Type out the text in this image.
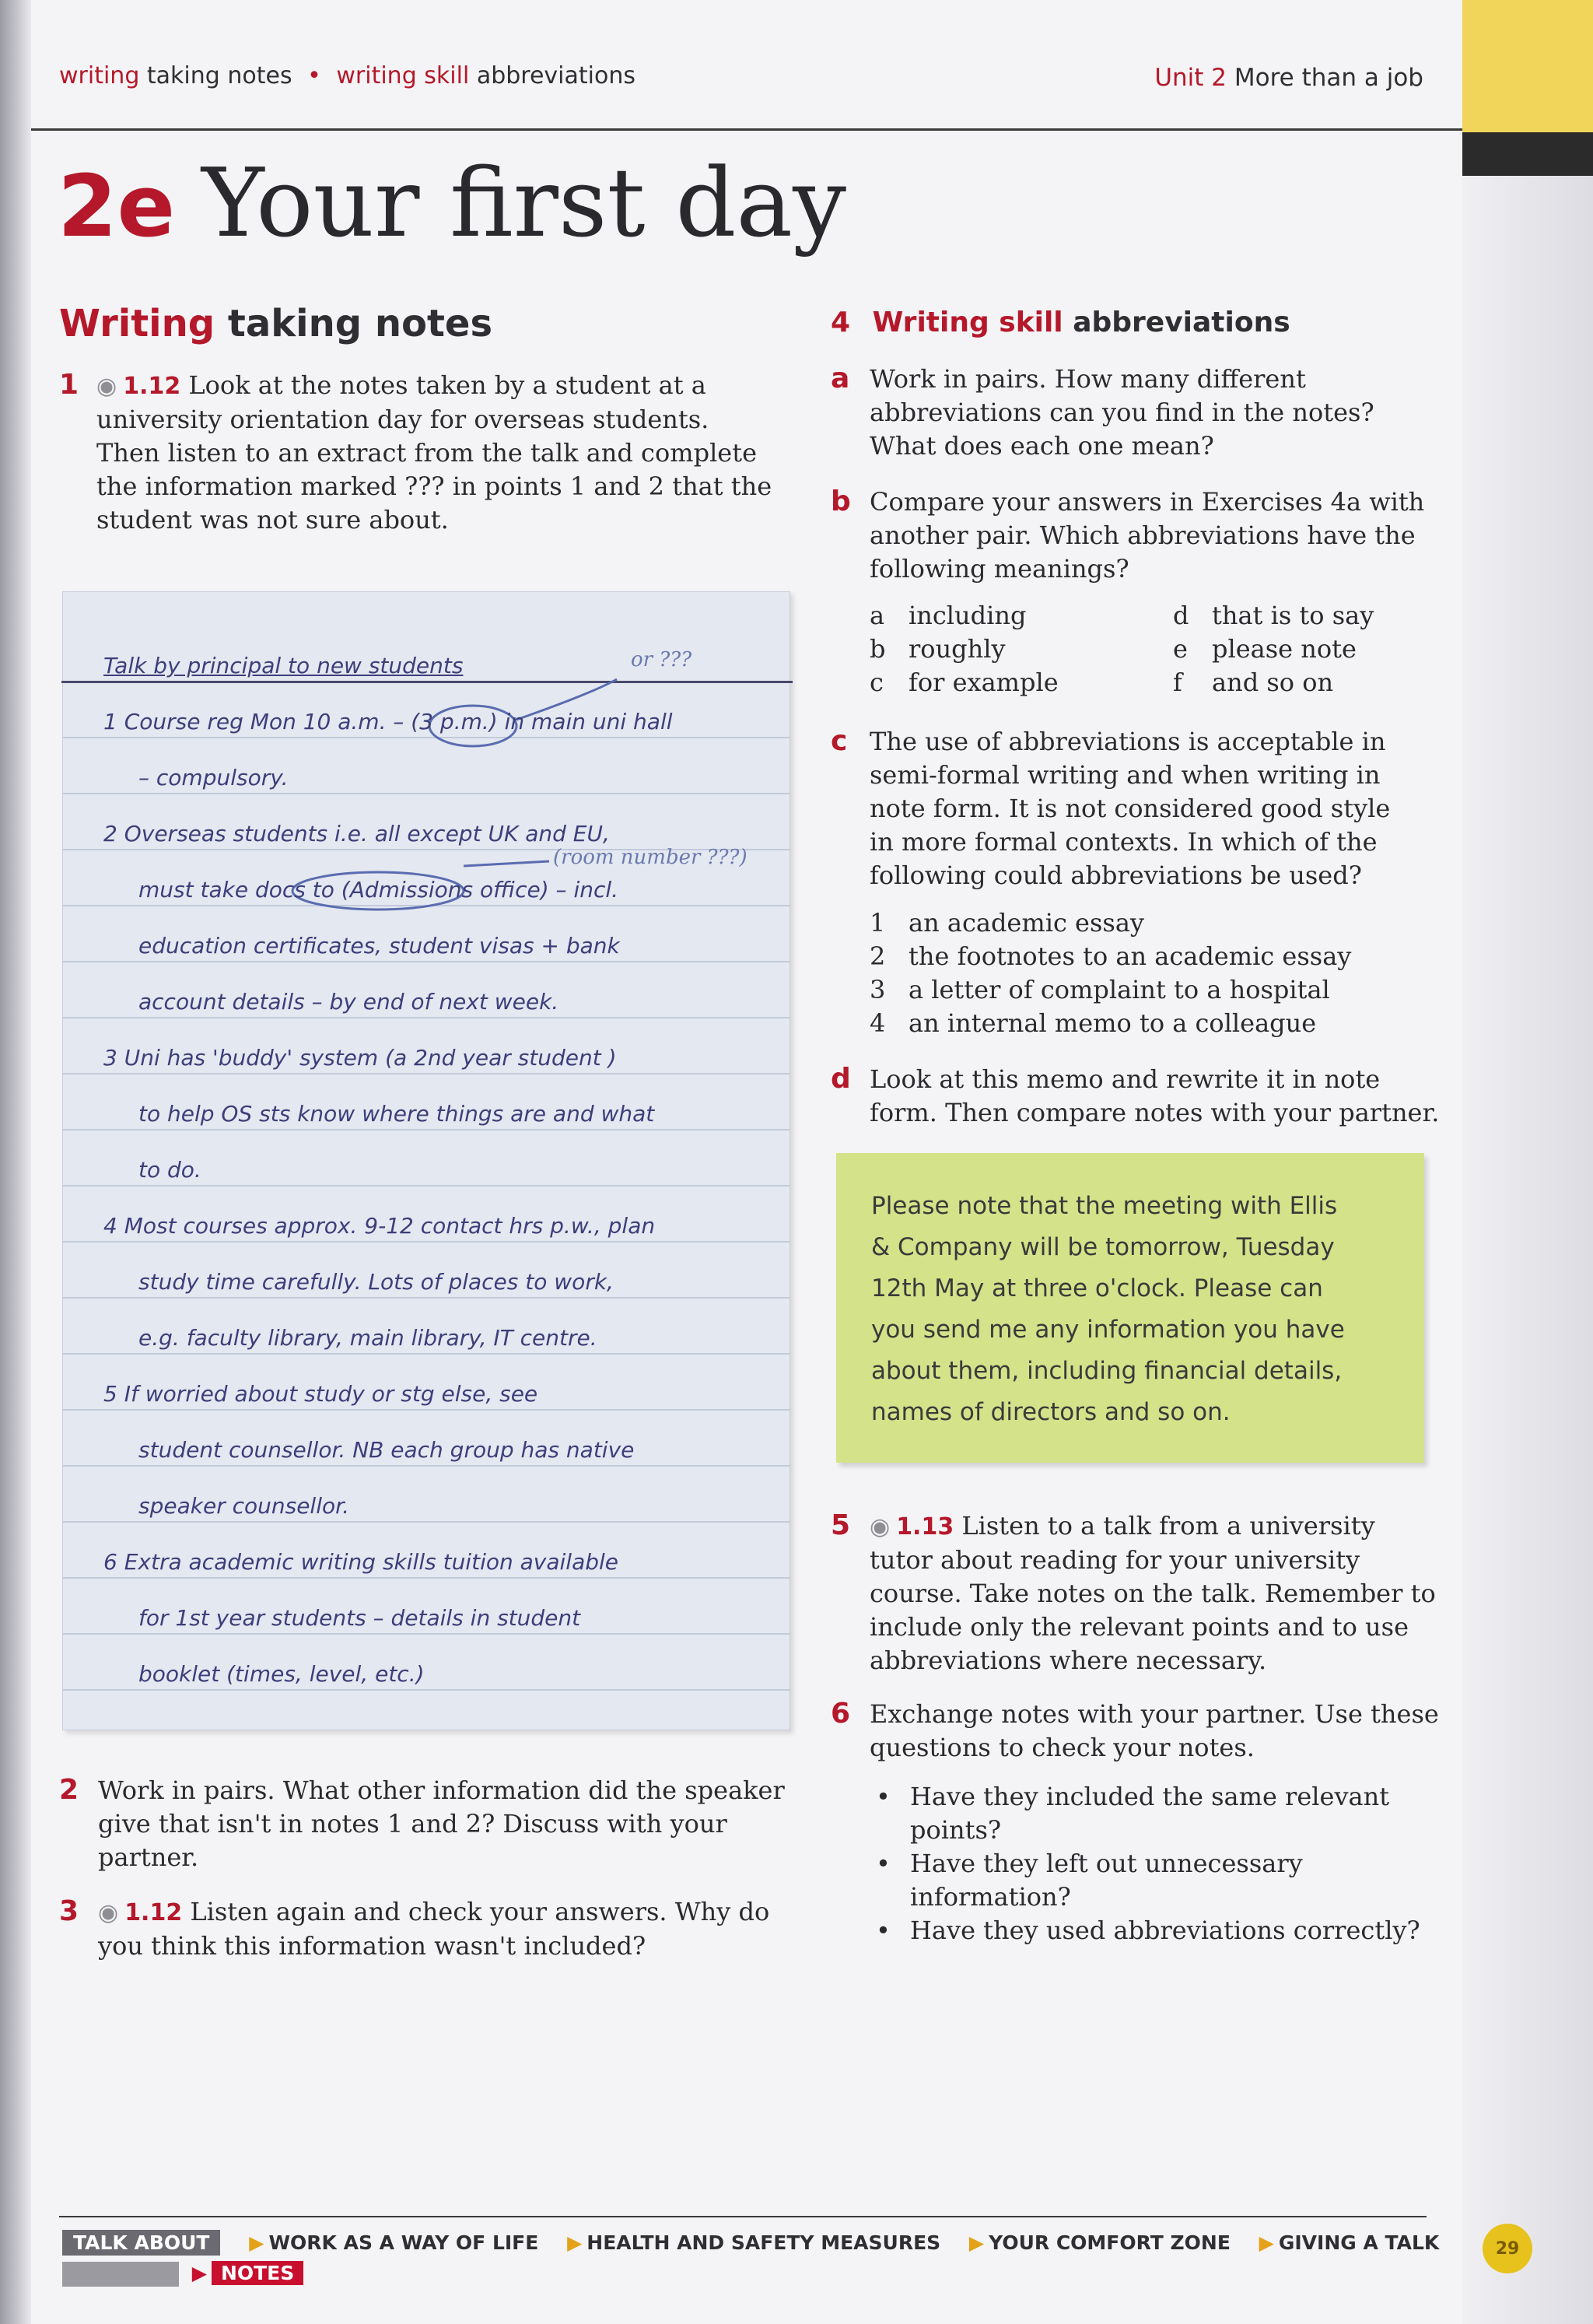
writing taking notes • writing skill abbreviations	Unit 2 More than a job
2e Your first day
Writing taking notes
1 ◉ 1.12 Look at the notes taken by a student at a
university orientation day for overseas students.
Then listen to an extract from the talk and complete
the information marked ??? in points 1 and 2 that the
student was not sure about.
Talk by principal to new students	or ???
(room number ???)
1 Course reg Mon 10 a.m. – (3 p.m.) in main uni hall
– compulsory.
2 Overseas students i.e. all except UK and EU,
must take docs to (Admissions office) – incl.
education certificates, student visas + bank
account details – by end of next week.
3 Uni has 'buddy' system (a 2nd year student )
to help OS sts know where things are and what
to do.
4 Most courses approx. 9-12 contact hrs p.w., plan
study time carefully. Lots of places to work,
e.g. faculty library, main library, IT centre.
5 If worried about study or stg else, see
student counsellor. NB each group has native
speaker counsellor.
6 Extra academic writing skills tuition available
for 1st year students – details in student
booklet (times, level, etc.)
2 Work in pairs. What other information did the speaker
give that isn't in notes 1 and 2? Discuss with your
partner.
3 ◉ 1.12 Listen again and check your answers. Why do
you think this information wasn't included?
4 Writing skill abbreviations
a Work in pairs. How many different
abbreviations can you find in the notes?
What does each one mean?
b Compare your answers in Exercises 4a with
another pair. Which abbreviations have the
following meanings?
a including
b roughly
c for example
d that is to say
e please note
f and so on
c The use of abbreviations is acceptable in
semi-formal writing and when writing in
note form. It is not considered good style
in more formal contexts. In which of the
following could abbreviations be used?
1 an academic essay
2 the footnotes to an academic essay
3 a letter of complaint to a hospital
4 an internal memo to a colleague
d Look at this memo and rewrite it in note
form. Then compare notes with your partner.
Please note that the meeting with Ellis
& Company will be tomorrow, Tuesday
12th May at three o'clock. Please can
you send me any information you have
about them, including financial details,
names of directors and so on.
5 ◉ 1.13 Listen to a talk from a university
tutor about reading for your university
course. Take notes on the talk. Remember to
include only the relevant points and to use
abbreviations where necessary.
6 Exchange notes with your partner. Use these
questions to check your notes.
• Have they included the same relevant
points?
• Have they left out unnecessary
information?
• Have they used abbreviations correctly?
TALK ABOUT ▶ WORK AS A WAY OF LIFE ▶ HEALTH AND SAFETY MEASURES ▶ YOUR COMFORT ZONE ▶ GIVING A TALK
▶ NOTES
29
